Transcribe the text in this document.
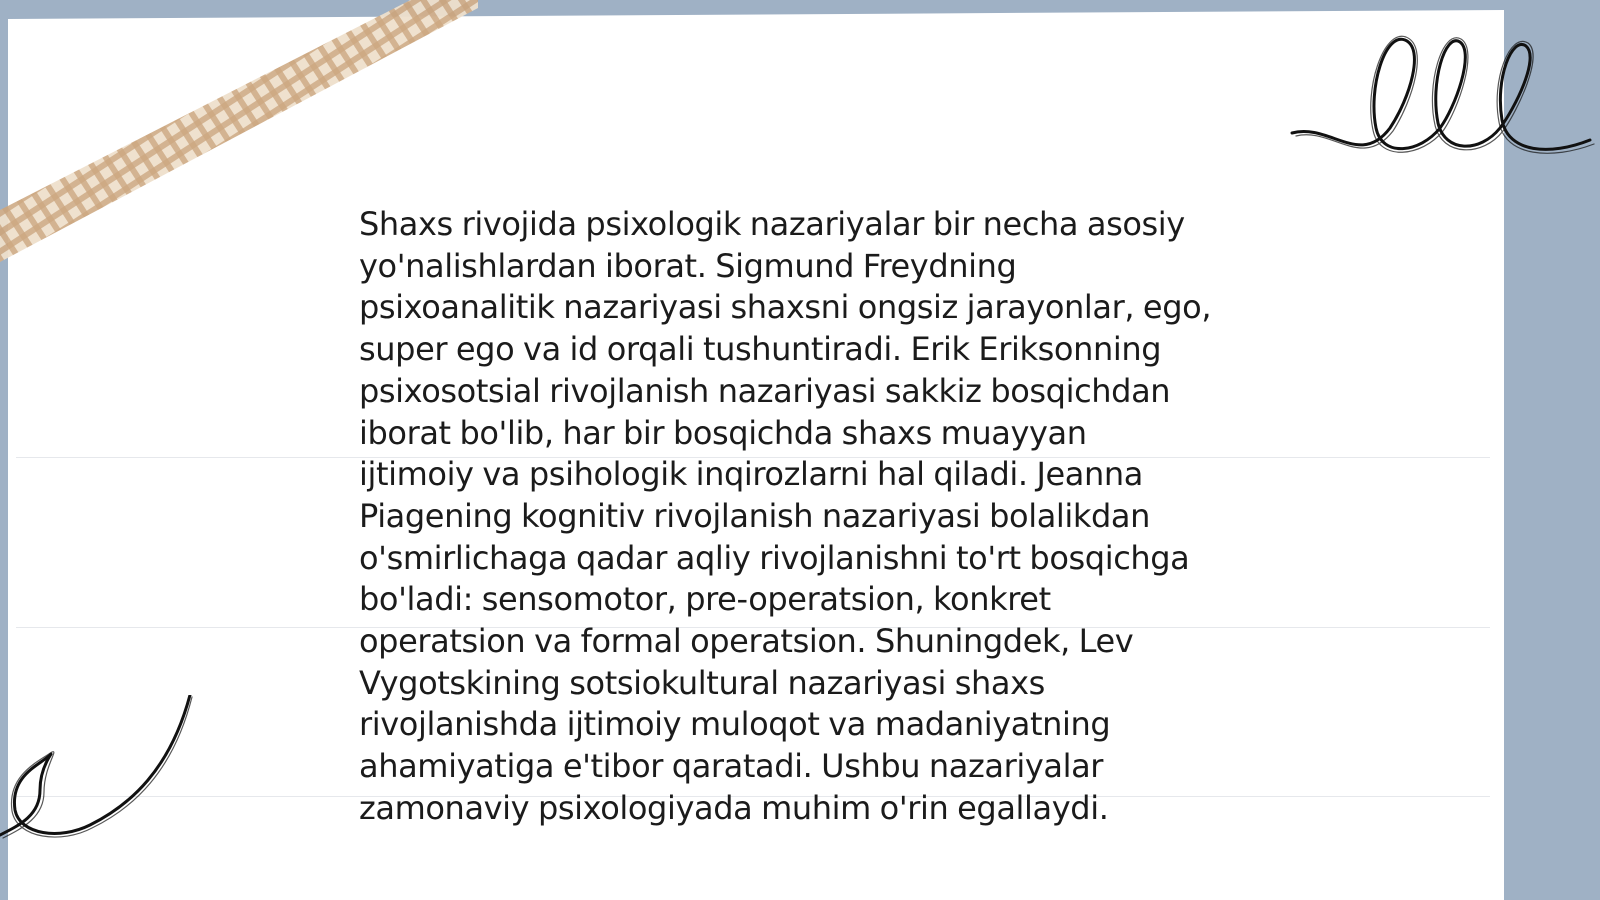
Shaxs rivojida psixologik nazariyalar bir necha asosiy
yo'nalishlardan iborat. Sigmund Freydning
psixoanalitik nazariyasi shaxsni ongsiz jarayonlar, ego,
super ego va id orqali tushuntiradi. Erik Eriksonning
psixosotsial rivojlanish nazariyasi sakkiz bosqichdan
iborat bo'lib, har bir bosqichda shaxs muayyan
ijtimoiy va psihologik inqirozlarni hal qiladi. Jeanna
Piagening kognitiv rivojlanish nazariyasi bolalikdan
o'smirlichaga qadar aqliy rivojlanishni to'rt bosqichga
bo'ladi: sensomotor, pre-operatsion, konkret
operatsion va formal operatsion. Shuningdek, Lev
Vygotskining sotsiokultural nazariyasi shaxs
rivojlanishda ijtimoiy muloqot va madaniyatning
ahamiyatiga e'tibor qaratadi. Ushbu nazariyalar
zamonaviy psixologiyada muhim o'rin egallaydi.
